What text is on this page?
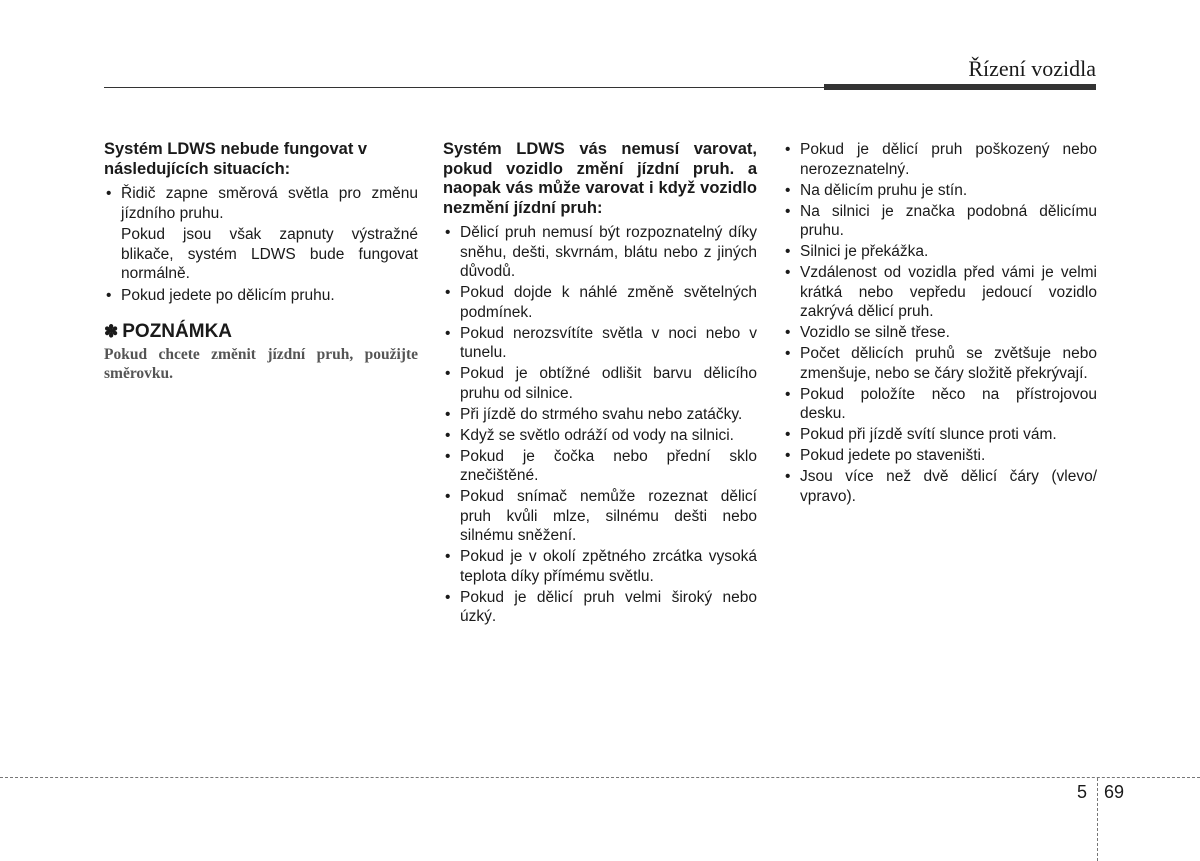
Řízení vozidla
Systém LDWS nebude fungovat v následujících situacích:
• Řidič zapne směrová světla pro změnu jízdního pruhu.
Pokud jsou však zapnuty výstražné blikače, systém LDWS bude fungovat normálně.
• Pokud jedete po dělicím pruhu.
✽ POZNÁMKA
Pokud chcete změnit jízdní pruh, použijte směrovku.
Systém LDWS vás nemusí varovat, pokud vozidlo změní jízdní pruh. a naopak vás může varovat i když vozidlo nezmění jízdní pruh:
• Dělicí pruh nemusí být rozpoznatelný díky sněhu, dešti, skvrnám, blátu nebo z jiných důvodů.
• Pokud dojde k náhlé změně světelných podmínek.
• Pokud nerozsvítíte světla v noci nebo v tunelu.
• Pokud je obtížné odlišit barvu dělicího pruhu od silnice.
• Při jízdě do strmého svahu nebo zatáčky.
• Když se světlo odráží od vody na silnici.
• Pokud je čočka nebo přední sklo znečištěné.
• Pokud snímač nemůže rozeznat dělicí pruh kvůli mlze, silnému dešti nebo silnému sněžení.
• Pokud je v okolí zpětného zrcátka vysoká teplota díky přímému světlu.
• Pokud je dělicí pruh velmi široký nebo úzký.
• Pokud je dělicí pruh poškozený nebo nerozeznatelný.
• Na dělicím pruhu je stín.
• Na silnici je značka podobná dělicímu pruhu.
• Silnici je překážka.
• Vzdálenost od vozidla před vámi je velmi krátká nebo vepředu jedoucí vozidlo zakrývá dělicí pruh.
• Vozidlo se silně třese.
• Počet dělicích pruhů se zvětšuje nebo zmenšuje, nebo se čáry složitě překrývají.
• Pokud položíte něco na přístrojovou desku.
• Pokud při jízdě svítí slunce proti vám.
• Pokud jedete po staveništi.
• Jsou více než dvě dělicí čáry (vlevo/ vpravo).
5 69
